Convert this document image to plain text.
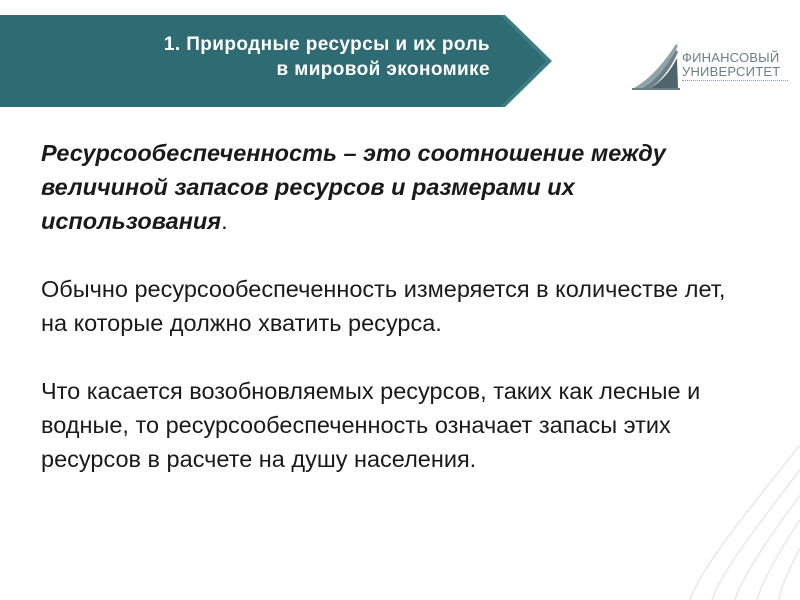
1. Природные ресурсы и их роль
в мировой экономике
ФИНАНСОВЫЙ
УНИВЕРСИТЕТ

Ресурсообеспеченность – это соотношение между величиной запасов ресурсов и размерами их использования.

Обычно ресурсообеспеченность измеряется в количестве лет, на которые должно хватить ресурса.

Что касается возобновляемых ресурсов, таких как лесные и водные, то ресурсообеспеченность означает запасы этих ресурсов в расчете на душу населения.
